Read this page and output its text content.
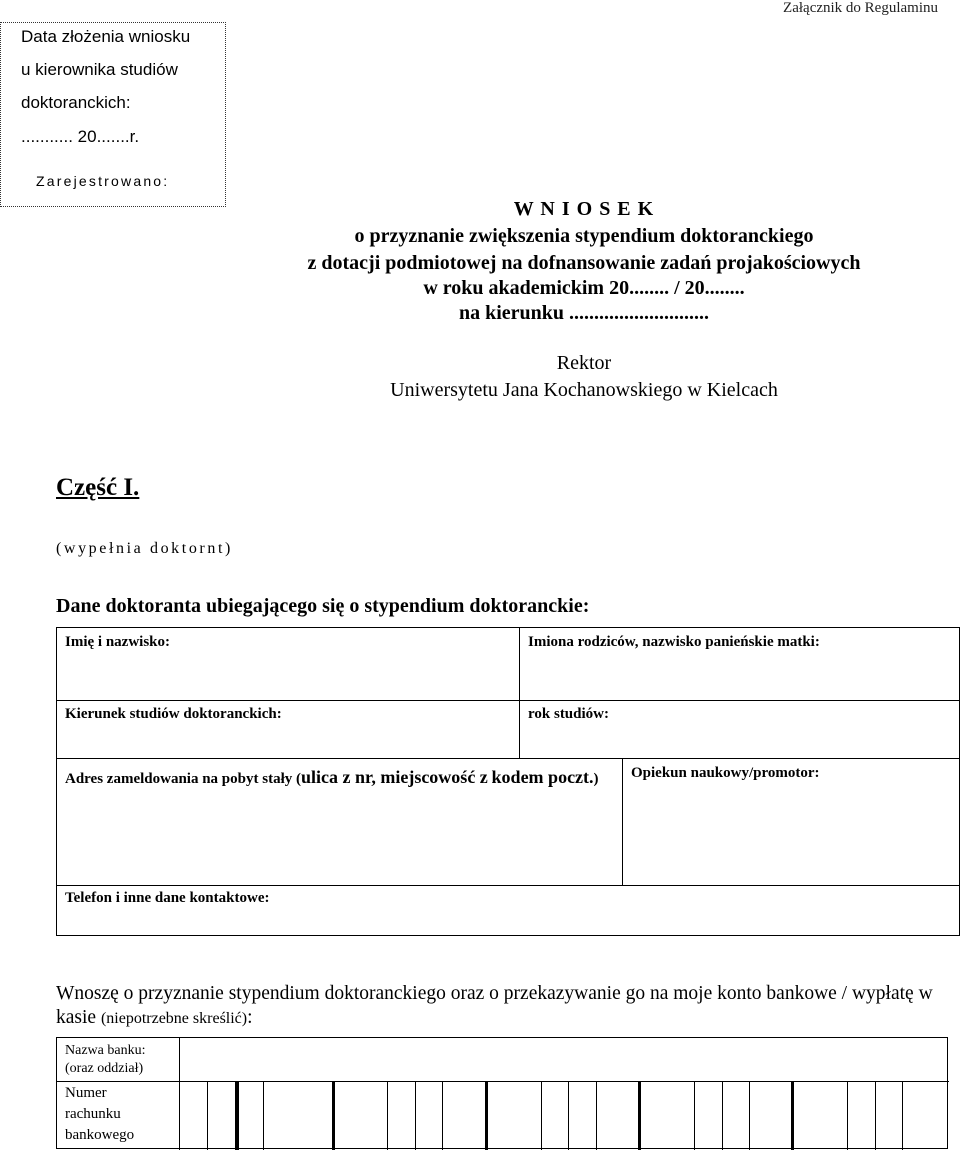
Załącznik do Regulaminu
Data złożenia wniosku
u kierownika studiów
doktoranckich:
........... 20.......r.
Zarejestrowano:
W N I O S E K
o przyznanie zwiększenia stypendium doktoranckiego
z dotacji podmiotowej na dofnansowanie zadań projakościowych
w roku akademickim 20........ / 20........
na kierunku ............................
Rektor
Uniwersytetu Jana Kochanowskiego w Kielcach
Część I.
(wypełnia doktornt)
Dane doktoranta ubiegającego się o stypendium doktoranckie:
Imię i nazwisko:	Imiona rodziców, nazwisko panieńskie matki:
Kierunek studiów doktoranckich:	rok studiów:
Adres zameldowania na pobyt stały (ulica z nr, miejscowość z kodem poczt.)	Opiekun naukowy/promotor:
Telefon i inne dane kontaktowe:
Wnoszę o przyznanie stypendium doktoranckiego oraz o przekazywanie go na moje konto bankowe / wypłatę w kasie (niepotrzebne skreślić):
Nazwa banku:
(oraz oddział)
Numer
rachunku
bankowego
